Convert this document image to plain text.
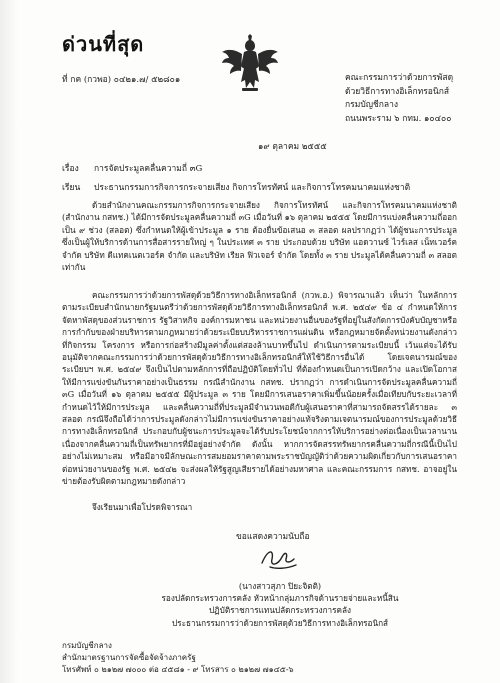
ด่วนที่สุด
ที่ กค (กวพอ) ๐๔๒๑.๗/ ๕๒๘๐๑	คณะกรรมการว่าด้วยการพัสดุ
ด้วยวิธีการทางอิเล็กทรอนิกส์
กรมบัญชีกลาง
ถนนพระราม ๖ กทม. ๑๐๔๐๐
๑๙ ตุลาคม ๒๕๕๕
เรื่อง การจัดประมูลคลื่นความถี่ ๓G
เรียน ประธานกรรมการกิจการกระจายเสียง กิจการโทรทัศน์ และกิจการโทรคมนาคมแห่งชาติ

ด้วยสำนักงานคณะกรรมการกิจการกระจายเสียง กิจการโทรทัศน์ และกิจการโทรคมนาคมแห่งชาติ (สำนักงาน กสทช.) ได้มีการจัดประมูลคลื่นความถี่ ๓G เมื่อวันที่ ๑๖ ตุลาคม ๒๕๕๕ โดยมีการแบ่งคลื่นความถี่ออกเป็น ๙ ช่วง (สลอต) ซึ่งกำหนดให้ผู้เข้าประมูล ๑ ราย ต้องยื่นข้อเสนอ ๓ สลอต ผลปรากฏว่า ได้ผู้ชนะการประมูลซึ่งเป็นผู้ให้บริการด้านการสื่อสารรายใหญ่ ๆ ในประเทศ ๓ ราย ประกอบด้วย บริษัท แอดวานซ์ ไวร์เลส เน็ทเวอร์ค จำกัด บริษัท ดีแทคเนตเวอร์ค จำกัด และบริษัท เรียล ฟิวเจอร์ จำกัด โดยทั้ง ๓ ราย ประมูลได้คลื่นความถี่ ๓ สลอตเท่ากัน

คณะกรรมการว่าด้วยการพัสดุด้วยวิธีการทางอิเล็กทรอนิกส์ (กวพ.อ.) พิจารณาแล้ว เห็นว่า ในหลักการตามระเบียบสำนักนายกรัฐมนตรีว่าด้วยการพัสดุด้วยวิธีการทางอิเล็กทรอนิกส์ พ.ศ. ๒๕๔๙ ข้อ ๔ กำหนดให้การจัดหาพัสดุของส่วนราชการ รัฐวิสาหกิจ องค์การมหาชน และหน่วยงานอื่นของรัฐที่อยู่ในสังกัดการบังคับบัญชาหรือการกำกับของฝ่ายบริหารตามกฎหมายว่าด้วยระเบียบบริหารราชการแผ่นดิน หรือกฎหมายจัดตั้งหน่วยงานดังกล่าว ที่กิจกรรม โครงการ หรือการก่อสร้างมีมูลค่าตั้งแต่สองล้านบาทขึ้นไป ดำเนินการตามระเบียบนี้ เว้นแต่จะได้รับอนุมัติจากคณะกรรมการว่าด้วยการพัสดุด้วยวิธีการทางอิเล็กทรอนิกส์ให้ใช้วิธีการอื่นได้ โดยเจตนารมณ์ของระเบียบฯ พ.ศ. ๒๕๔๙ จึงเป็นไปตามหลักการที่ถือปฏิบัติโดยทั่วไป ที่ต้องกำหนดเป็นการเปิดกว้าง และเปิดโอกาสให้มีการแข่งขันกันราคาอย่างเป็นธรรม กรณีสำนักงาน กสทช. ปรากฏว่า การดำเนินการจัดประมูลคลื่นความถี่ ๓G เมื่อวันที่ ๑๖ ตุลาคม ๒๕๕๕ มีผู้ประมูล ๓ ราย โดยมีการเสนอราคาเพิ่มขึ้นน้อยครั้งเมื่อเทียบกับระยะเวลาที่กำหนดไว้ให้มีการประมูล และคลื่นความถี่ที่ประมูลมีจำนวนพอดีกับผู้เสนอราคาที่สามารถจัดสรรได้รายละ ๓ สลอต กรณีจึงถือได้ว่าการประมูลดังกล่าวไม่มีการแข่งขันราคาอย่างแท้จริงตามเจตนารมณ์ของการประมูลด้วยวิธีการทางอิเล็กทรอนิกส์ ประกอบกับผู้ชนะการประมูลจะได้รับประโยชน์จากการให้บริการอย่างต่อเนื่องเป็นเวลานาน เนื่องจากคลื่นความถี่เป็นทรัพยากรที่มีอยู่อย่างจำกัด ดังนั้น หากการจัดสรรทรัพยากรคลื่นความถี่กรณีนี้เป็นไปอย่างไม่เหมาะสม หรือมีอาจมีลักษณะการสมยอมราคาตามพระราชบัญญัติว่าด้วยความผิดเกี่ยวกับการเสนอราคาต่อหน่วยงานของรัฐ พ.ศ. ๒๕๔๒ จะส่งผลให้รัฐสูญเสียรายได้อย่างมหาศาล และคณะกรรมการ กสทช. อาจอยู่ในข่ายต้องรับผิดตามกฎหมายดังกล่าว

จึงเรียนมาเพื่อโปรดพิจารณา

ขอแสดงความนับถือ
(นางสาวสุภา ปิยะจิตติ)
รองปลัดกระทรวงการคลัง หัวหน้ากลุ่มภารกิจด้านรายจ่ายและหนี้สิน
ปฏิบัติราชการแทนปลัดกระทรวงการคลัง
ประธานกรรมการว่าด้วยการพัสดุด้วยวิธีการทางอิเล็กทรอนิกส์
กรมบัญชีกลาง
สำนักมาตรฐานการจัดซื้อจัดจ้างภาครัฐ
โทรศัพท์ ๐ ๒๑๒๗ ๗๐๐๐ ต่อ ๔๕๘๑ - ๙ โทรสาร ๐ ๒๑๒๗ ๗๑๔๕-๖
